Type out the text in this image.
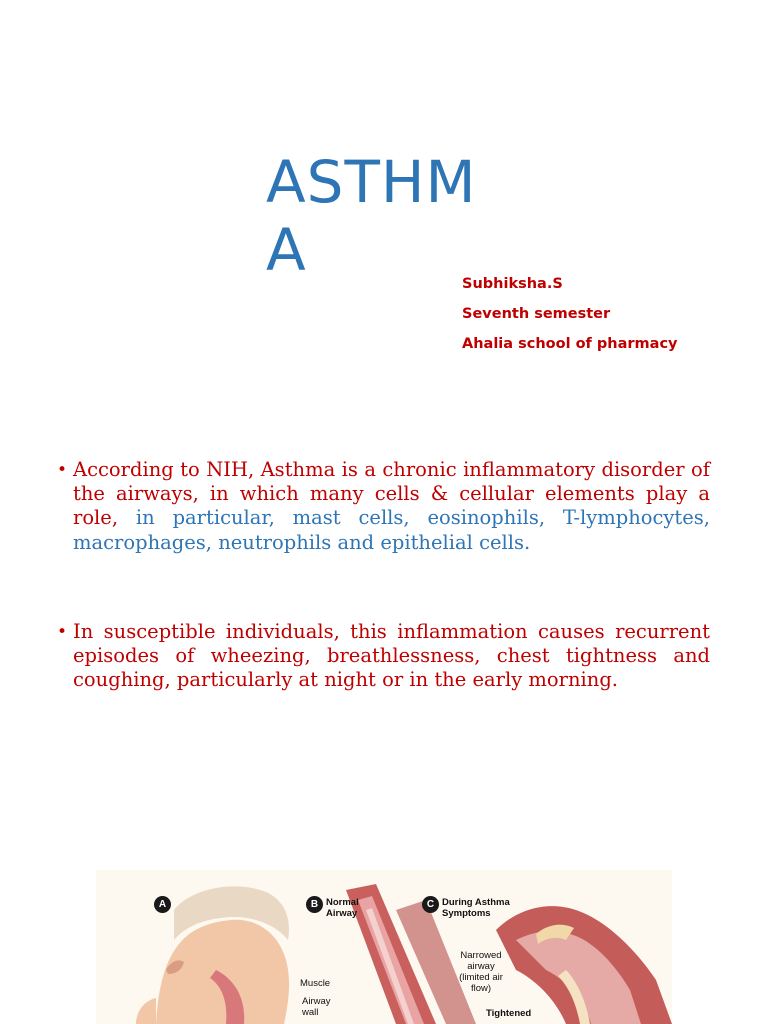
ASTHMA	Subhiksha.S
Seventh semester
Ahalia school of pharmacy
• According to NIH, Asthma is a chronic inflammatory disorder of the airways, in which many cells & cellular elements play a role, in particular, mast cells, eosinophils, T-lymphocytes, macrophages, neutrophils and epithelial cells.
• In susceptible individuals, this inflammation causes recurrent episodes of wheezing, breathlessness, chest tightness and coughing, particularly at night or in the early morning.
A	B	C
Normal Airway
During Asthma Symptoms
Muscle
Airway wall
Narrowed airway (limited air flow)
Tightened
